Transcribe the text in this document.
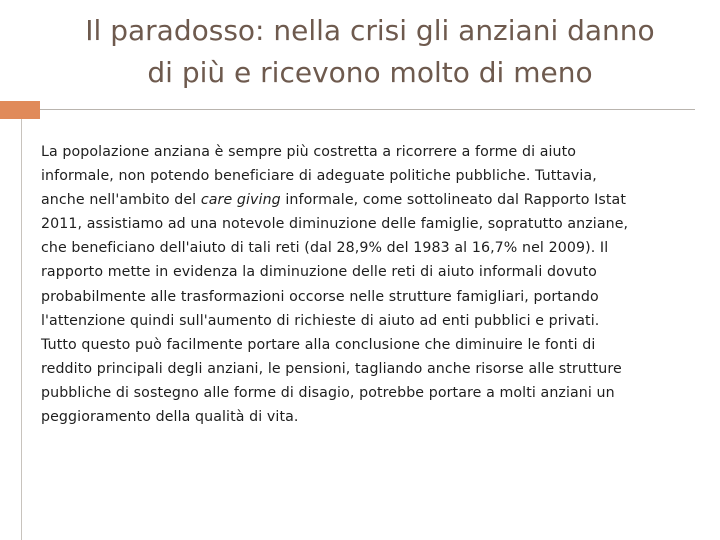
Il paradosso: nella crisi gli anziani danno
di più e ricevono molto di meno
La popolazione anziana è sempre più costretta a ricorrere a forme di aiuto
informale, non potendo beneficiare di adeguate politiche pubbliche. Tuttavia,
anche nell'ambito del care giving informale, come sottolineato dal Rapporto Istat
2011, assistiamo ad una notevole diminuzione delle famiglie, sopratutto anziane,
che beneficiano dell'aiuto di tali reti (dal 28,9% del 1983 al 16,7% nel 2009). Il
rapporto mette in evidenza la diminuzione delle reti di aiuto informali dovuto
probabilmente alle trasformazioni occorse nelle strutture famigliari, portando
l'attenzione quindi sull'aumento di richieste di aiuto ad enti pubblici e privati.
Tutto questo può facilmente portare alla conclusione che diminuire le fonti di
reddito principali degli anziani, le pensioni, tagliando anche risorse alle strutture
pubbliche di sostegno alle forme di disagio, potrebbe portare a molti anziani un
peggioramento della qualità di vita.
